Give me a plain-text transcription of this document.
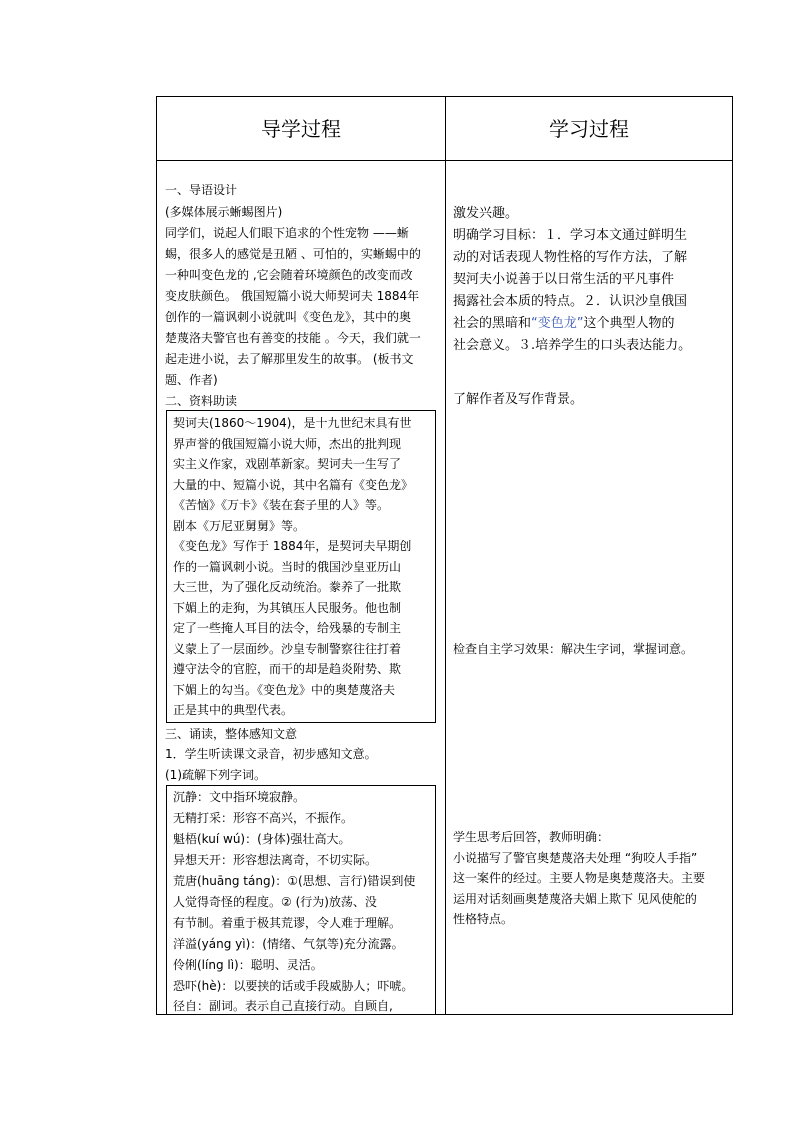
导学过程	学习过程
一、导语设计
(多媒体展示蜥蜴图片)
同学们，说起人们眼下追求的个性宠物 ——蜥
蜴，很多人的感觉是丑陋 、可怕的，实蜥蜴中的
一种叫变色龙的 ,它会随着环境颜色的改变而改
变皮肤颜色。 俄国短篇小说大师契诃夫 1884年
创作的一篇讽刺小说就叫《变色龙》，其中的奥
楚蔑洛夫警官也有善变的技能 。今天，我们就一
起走进小说，去了解那里发生的故事。 (板书文
题、作者)
二、资料助读
契诃夫(1860～1904)，是十九世纪末具有世
界声誉的俄国短篇小说大师，杰出的批判现
实主义作家，戏剧革新家。契诃夫一生写了
大量的中、短篇小说，其中名篇有《变色龙》
《苦恼》《万卡》《装在套子里的人》等。
剧本《万尼亚舅舅》等。
《变色龙》写作于 1884年，是契诃夫早期创
作的一篇讽刺小说。当时的俄国沙皇亚历山
大三世，为了强化反动统治。豢养了一批欺
下媚上的走狗，为其镇压人民服务。他也制
定了一些掩人耳目的法令，给残暴的专制主
义蒙上了一层面纱。沙皇专制警察往往打着
遵守法令的官腔，而干的却是趋炎附势、欺
下媚上的勾当。《变色龙》中的奥楚蔑洛夫
正是其中的典型代表。
三、诵读，整体感知文意
1．学生听读课文录音，初步感知文意。
(1)疏解下列字词。
沉静：文中指环境寂静。
无精打采：形容不高兴，不振作。
魁梧(kuí wú)：(身体)强壮高大。
异想天开：形容想法离奇，不切实际。
荒唐(huāng táng)：①(思想、言行)错误到使
人觉得奇怪的程度。② (行为)放荡、没
有节制。着重于极其荒谬，令人难于理解。
洋溢(yáng yì)：(情绪、气氛等)充分流露。
伶俐(líng lì)：聪明、灵活。
恐吓(hè)：以要挟的话或手段威胁人；吓唬。
径自：副词。表示自己直接行动。自顾自,
激发兴趣。
明确学习目标：１．学习本文通过鲜明生
动的对话表现人物性格的写作方法，了解
契河夫小说善于以日常生活的平凡事件
揭露社会本质的特点。２．认识沙皇俄国
社会的黑暗和“变色龙”这个典型人物的
社会意义。３.培养学生的口头表达能力。
了解作者及写作背景。
检查自主学习效果：解决生字词，掌握词意。
学生思考后回答，教师明确：
小说描写了警官奥楚蔑洛夫处理 “狗咬人手指”
这一案件的经过。主要人物是奥楚蔑洛夫。主要
运用对话刻画奥楚蔑洛夫媚上欺下 见风使舵的
性格特点。
